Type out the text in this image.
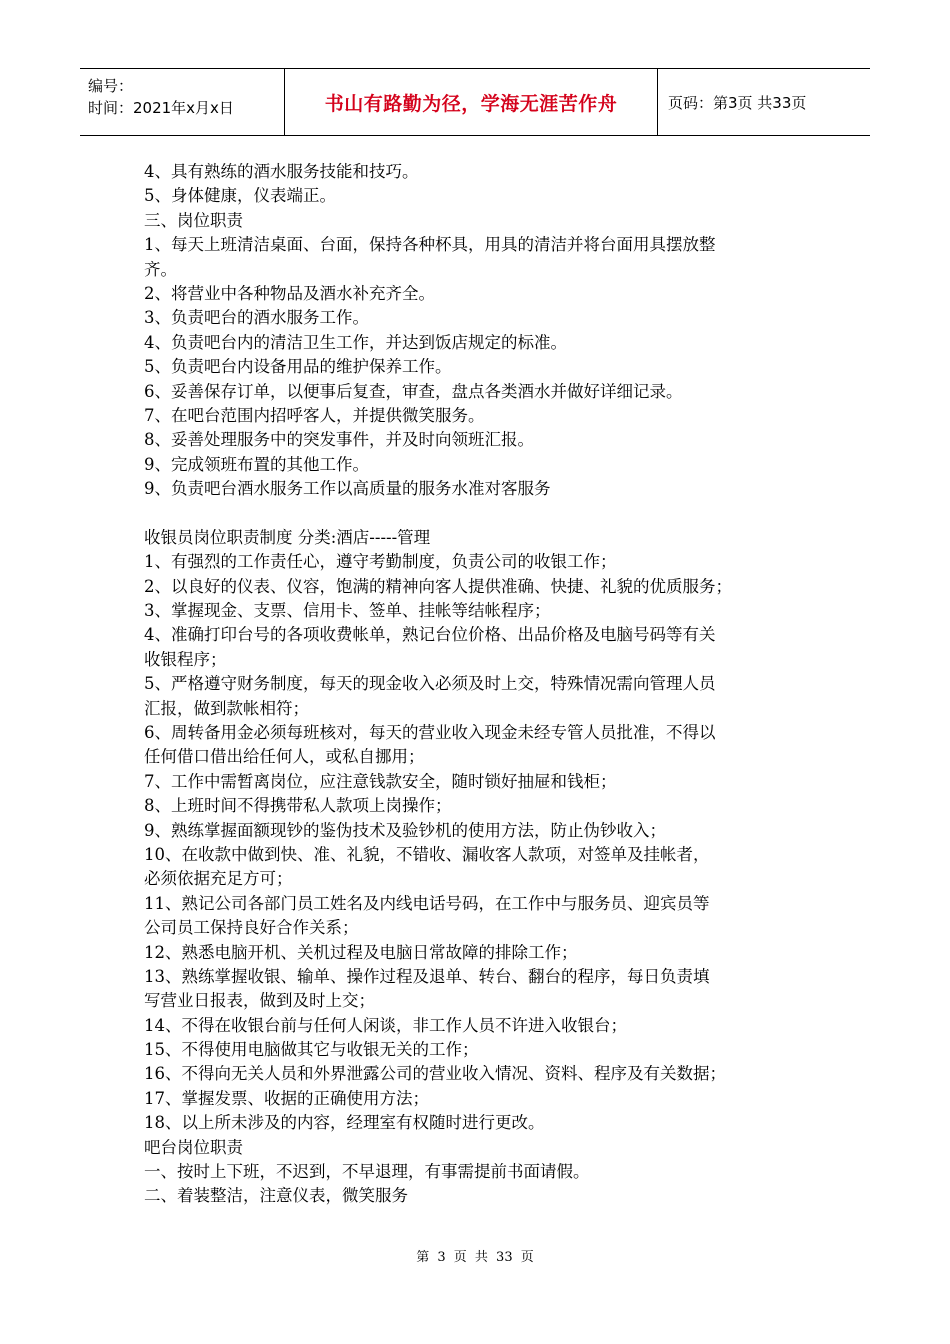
编号：
时间：2021年x月x日	书山有路勤为径，学海无涯苦作舟	页码：第3页 共33页
4、具有熟练的酒水服务技能和技巧。
5、身体健康，仪表端正。
三、岗位职责
1、每天上班清洁桌面、台面，保持各种杯具，用具的清洁并将台面用具摆放整
齐。
2、将营业中各种物品及酒水补充齐全。
3、负责吧台的酒水服务工作。
4、负责吧台内的清洁卫生工作，并达到饭店规定的标准。
5、负责吧台内设备用品的维护保养工作。
6、妥善保存订单，以便事后复查，审查，盘点各类酒水并做好详细记录。
7、在吧台范围内招呼客人，并提供微笑服务。
8、妥善处理服务中的突发事件，并及时向领班汇报。
9、完成领班布置的其他工作。
9、负责吧台酒水服务工作以高质量的服务水准对客服务
收银员岗位职责制度 分类:酒店-----管理
1、有强烈的工作责任心，遵守考勤制度，负责公司的收银工作；
2、以良好的仪表、仪容，饱满的精神向客人提供准确、快捷、礼貌的优质服务；
3、掌握现金、支票、信用卡、签单、挂帐等结帐程序；
4、准确打印台号的各项收费帐单，熟记台位价格、出品价格及电脑号码等有关
收银程序；
5、严格遵守财务制度，每天的现金收入必须及时上交，特殊情况需向管理人员
汇报，做到款帐相符；
6、周转备用金必须每班核对，每天的营业收入现金未经专管人员批准，不得以
任何借口借出给任何人，或私自挪用；
7、工作中需暂离岗位，应注意钱款安全，随时锁好抽屉和钱柜；
8、上班时间不得携带私人款项上岗操作；
9、熟练掌握面额现钞的鉴伪技术及验钞机的使用方法，防止伪钞收入；
10、在收款中做到快、准、礼貌，不错收、漏收客人款项，对签单及挂帐者，
必须依据充足方可；
11、熟记公司各部门员工姓名及内线电话号码，在工作中与服务员、迎宾员等
公司员工保持良好合作关系；
12、熟悉电脑开机、关机过程及电脑日常故障的排除工作；
13、熟练掌握收银、输单、操作过程及退单、转台、翻台的程序，每日负责填
写营业日报表，做到及时上交；
14、不得在收银台前与任何人闲谈，非工作人员不许进入收银台；
15、不得使用电脑做其它与收银无关的工作；
16、不得向无关人员和外界泄露公司的营业收入情况、资料、程序及有关数据；
17、掌握发票、收据的正确使用方法；
18、以上所未涉及的内容，经理室有权随时进行更改。
吧台岗位职责
一、按时上下班，不迟到，不早退理，有事需提前书面请假。
二、着装整洁，注意仪表，微笑服务
第 3 页 共 33 页
